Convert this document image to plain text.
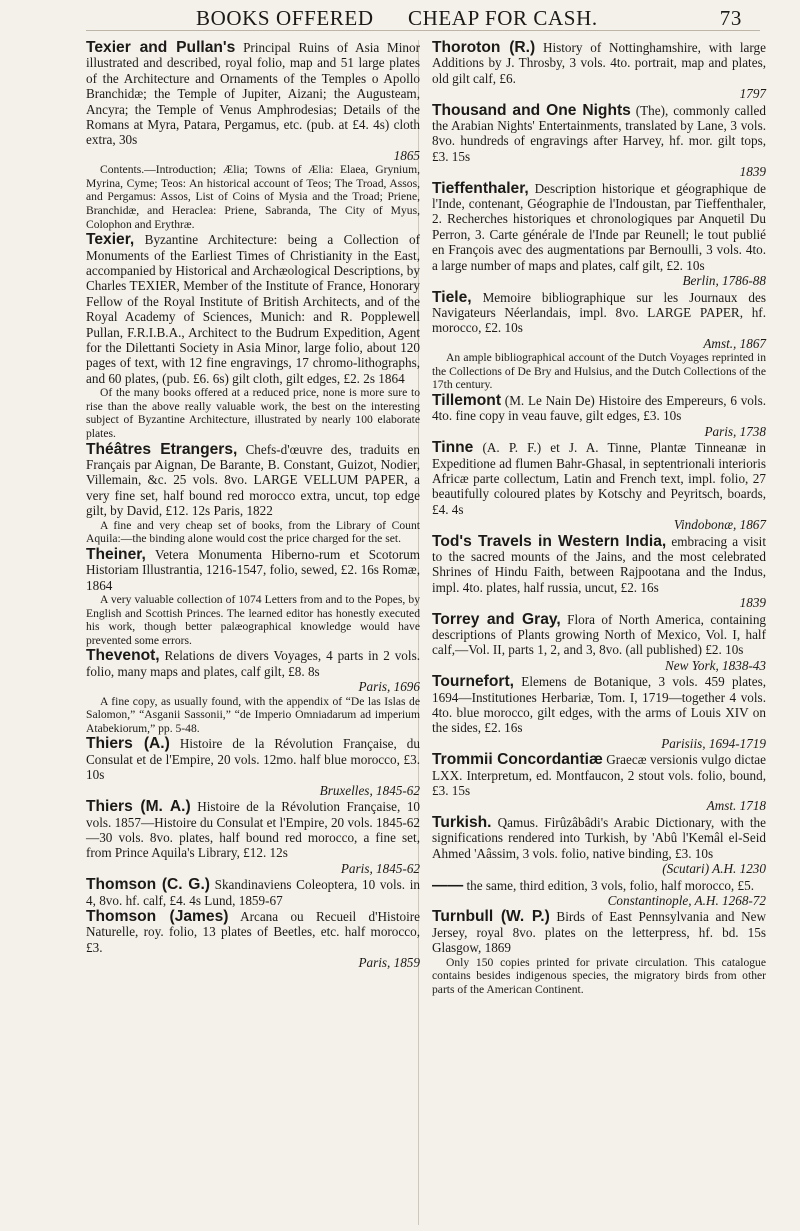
BOOKS OFFERED CHEAP FOR CASH.	73

Texier and Pullan's Principal Ruins of Asia Minor illustrated and described, royal folio, map and 51 large plates of the Architecture and Ornaments of the Temples o Apollo Branchidæ; the Temple of Jupiter, Aizani; the Augusteam, Ancyra; the Temple of Venus Amphrodesias; Details of the Romans at Myra, Patara, Pergamus, etc. (pub. at £4. 4s) cloth extra, 30s
1865
Contents.—Introduction; Ælia; Towns of Ælia: Elaea, Grynium, Myrina, Cyme; Teos: An historical account of Teos; The Troad, Assos, and Pergamus: Assos, List of Coins of Mysia and the Troad; Priene, Branchidæ, and Heraclea: Priene, Sabranda, The City of Myus, Colophon and Erythræ.

Texier, Byzantine Architecture: being a Collection of Monuments of the Earliest Times of Christianity in the East, accompanied by Historical and Archæological Descriptions, by Charles TEXIER, Member of the Institute of France, Honorary Fellow of the Royal Institute of British Architects, and of the Royal Academy of Sciences, Munich: and R. Popplewell Pullan, F.R.I.B.A., Architect to the Budrum Expedition, Agent for the Dilettanti Society in Asia Minor, large folio, about 120 pages of text, with 12 fine engravings, 17 chromo-lithographs, and 60 plates, (pub. £6. 6s) gilt cloth, gilt edges, £2. 2s 1864
Of the many books offered at a reduced price, none is more sure to rise than the above really valuable work, the best on the interesting subject of Byzantine Architecture, illustrated by nearly 100 elaborate plates.

Théâtres Etrangers, Chefs-d'œuvre des, traduits en Français par Aignan, De Barante, B. Constant, Guizot, Nodier, Villemain, &c. 25 vols. 8vo. LARGE VELLUM PAPER, a very fine set, half bound red morocco extra, uncut, top edge gilt, by David, £12. 12s Paris, 1822
A fine and very cheap set of books, from the Library of Count Aquila:—the binding alone would cost the price charged for the set.

Theiner, Vetera Monumenta Hiberno-rum et Scotorum Historiam Illustrantia, 1216-1547, folio, sewed, £2. 16s Romæ, 1864
A very valuable collection of 1074 Letters from and to the Popes, by English and Scottish Princes. The learned editor has honestly executed his work, though better palæographical knowledge would have prevented some errors.

Thevenot, Relations de divers Voyages, 4 parts in 2 vols. folio, many maps and plates, calf gilt, £8. 8s
Paris, 1696
A fine copy, as usually found, with the appendix of “De las Islas de Salomon,” “Asganii Sassonii,” “de Imperio Omniadarum ad imperium Atabekiorum,” pp. 5-48.

Thiers (A.) Histoire de la Révolution Française, du Consulat et de l'Empire, 20 vols. 12mo. half blue morocco, £3. 10s
Bruxelles, 1845-62

Thiers (M. A.) Histoire de la Révolution Française, 10 vols. 1857—Histoire du Consulat et l'Empire, 20 vols. 1845-62—30 vols. 8vo. plates, half bound red morocco, a fine set, from Prince Aquila's Library, £12. 12s
Paris, 1845-62

Thomson (C. G.) Skandinaviens Coleoptera, 10 vols. in 4, 8vo. hf. calf, £4. 4s Lund, 1859-67

Thomson (James) Arcana ou Recueil d'Histoire Naturelle, roy. folio, 13 plates of Beetles, etc. half morocco, £3.
Paris, 1859

Thoroton (R.) History of Nottinghamshire, with large Additions by J. Throsby, 3 vols. 4to. portrait, map and plates, old gilt calf, £6.
1797

Thousand and One Nights (The), commonly called the Arabian Nights' Entertainments, translated by Lane, 3 vols. 8vo. hundreds of engravings after Harvey, hf. mor. gilt tops, £3. 15s
1839

Tieffenthaler, Description historique et géographique de l'Inde, contenant, Géographie de l'Indoustan, par Tieffenthaler, 2. Recherches historiques et chronologiques par Anquetil Du Perron, 3. Carte générale de l'Inde par Reunell; le tout publié en François avec des augmentations par Bernoulli, 3 vols. 4to. a large number of maps and plates, calf gilt, £2. 10s
Berlin, 1786-88

Tiele, Memoire bibliographique sur les Journaux des Navigateurs Néerlandais, impl. 8vo. LARGE PAPER, hf. morocco, £2. 10s
Amst., 1867
An ample bibliographical account of the Dutch Voyages reprinted in the Collections of De Bry and Hulsius, and the Dutch Collections of the 17th century.

Tillemont (M. Le Nain De) Histoire des Empereurs, 6 vols. 4to. fine copy in veau fauve, gilt edges, £3. 10s
Paris, 1738

Tinne (A. P. F.) et J. A. Tinne, Plantæ Tinneanæ in Expeditione ad flumen Bahr-Ghasal, in septentrionali interioris Africæ parte collectum, Latin and French text, impl. folio, 27 beautifully coloured plates by Kotschy and Peyritsch, boards, £4. 4s
Vindobonæ, 1867

Tod's Travels in Western India, embracing a visit to the sacred mounts of the Jains, and the most celebrated Shrines of Hindu Faith, between Rajpootana and the Indus, impl. 4to. plates, half russia, uncut, £2. 16s
1839

Torrey and Gray, Flora of North America, containing descriptions of Plants growing North of Mexico, Vol. I, half calf,—Vol. II, parts 1, 2, and 3, 8vo. (all published) £2. 10s
New York, 1838-43

Tournefort, Elemens de Botanique, 3 vols. 459 plates, 1694—Institutiones Herbariæ, Tom. I, 1719—together 4 vols. 4to. blue morocco, gilt edges, with the arms of Louis XIV on the sides, £2. 16s
Parisiis, 1694-1719

Trommii Concordantiæ Graecæ versionis vulgo dictae LXX. Interpretum, ed. Montfaucon, 2 stout vols. folio, bound, £3. 15s
Amst. 1718

Turkish. Qamus. Firûzâbâdi's Arabic Dictionary, with the significations rendered into Turkish, by 'Abû l'Kemâl el-Seid Ahmed 'Aâssim, 3 vols. folio, native binding, £3. 10s
(Scutari) A.H. 1230

—— the same, third edition, 3 vols, folio, half morocco, £5.
Constantinople, A.H. 1268-72

Turnbull (W. P.) Birds of East Pennsylvania and New Jersey, royal 8vo. plates on the letterpress, hf. bd. 15s Glasgow, 1869
Only 150 copies printed for private circulation. This catalogue contains besides indigenous species, the migratory birds from other parts of the American Continent.
